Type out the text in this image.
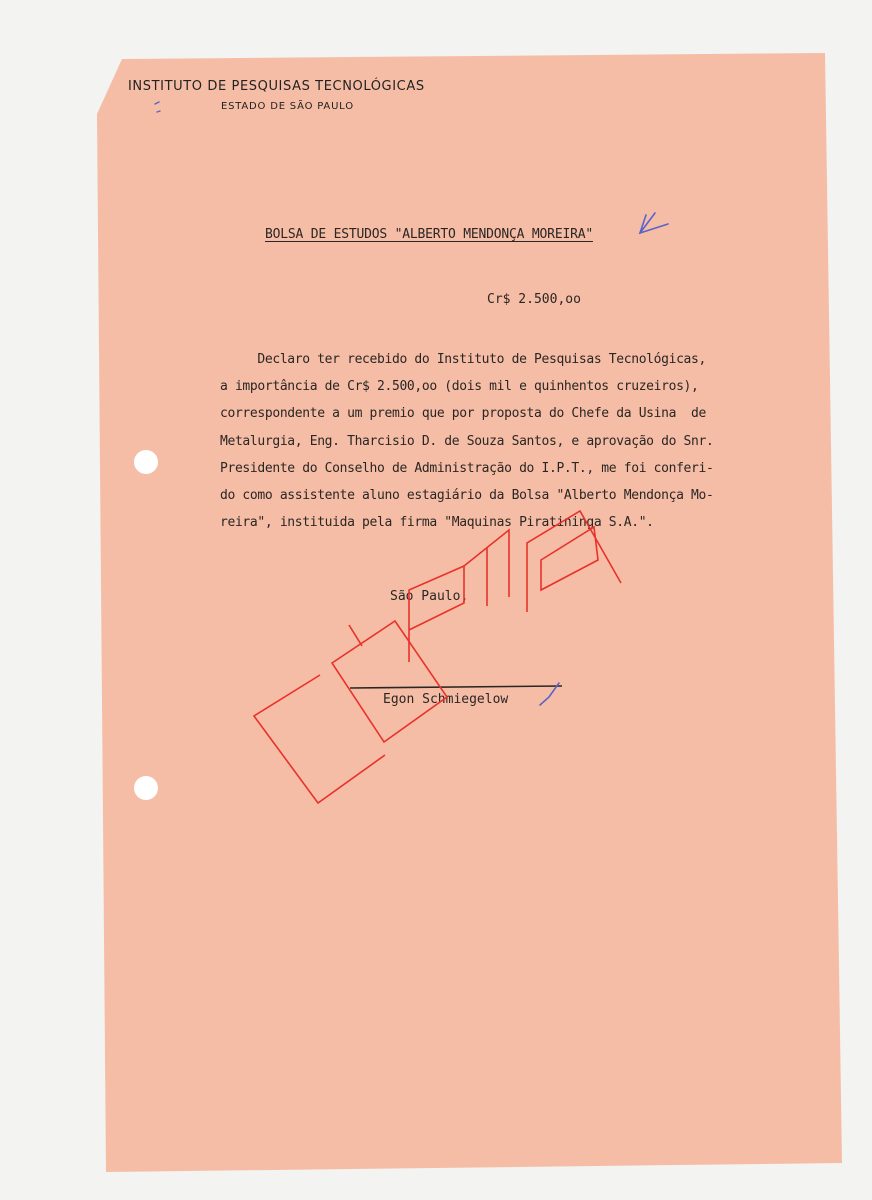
INSTITUTO DE PESQUISAS TECNOLÓGICAS
ESTADO DE SÃO PAULO
BOLSA DE ESTUDOS "ALBERTO MENDONÇA MOREIRA"
Cr$ 2.500,oo
Declaro ter recebido do Instituto de Pesquisas Tecnológicas,
a importância de Cr$ 2.500,oo (dois mil e quinhentos cruzeiros),
correspondente a um premio que por proposta do Chefe da Usina  de
Metalurgia, Eng. Tharcisio D. de Souza Santos, e aprovação do Snr.
Presidente do Conselho de Administração do I.P.T., me foi conferi-
do como assistente aluno estagiário da Bolsa "Alberto Mendonça Mo-
reira", instituida pela firma "Maquinas Piratininga S.A.".
São Paulo,
Egon Schmiegelow
